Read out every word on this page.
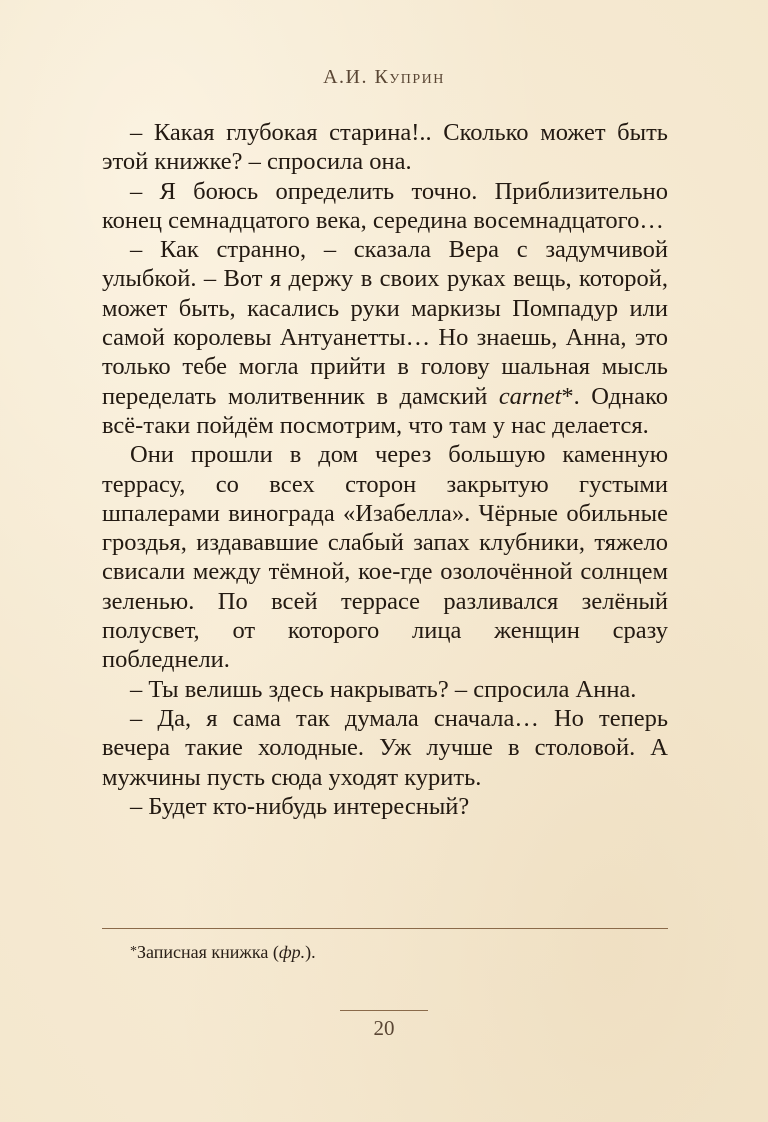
А.И. Куприн

– Какая глубокая старина!.. Сколько может быть этой книжке? – спросила она.

– Я боюсь определить точно. Приблизительно конец семнадцатого века, середина восемнадцатого…

– Как странно, – сказала Вера с задумчивой улыбкой. – Вот я держу в своих руках вещь, которой, может быть, касались руки маркизы Помпадур или самой королевы Антуанетты… Но знаешь, Анна, это только тебе могла прийти в голову шальная мысль переделать молитвенник в дамский carnet*. Однако всё-таки пойдём посмотрим, что там у нас делается.

Они прошли в дом через большую каменную террасу, со всех сторон закрытую густыми шпалерами винограда «Изабелла». Чёрные обильные гроздья, издававшие слабый запах клубники, тяжело свисали между тёмной, кое-где озолочённой солнцем зеленью. По всей террасе разливался зелёный полусвет, от которого лица женщин сразу побледнели.

– Ты велишь здесь накрывать? – спросила Анна.

– Да, я сама так думала сначала… Но теперь вечера такие холодные. Уж лучше в столовой. А мужчины пусть сюда уходят курить.

– Будет кто-нибудь интересный?

*Записная книжка (фр.).
20
